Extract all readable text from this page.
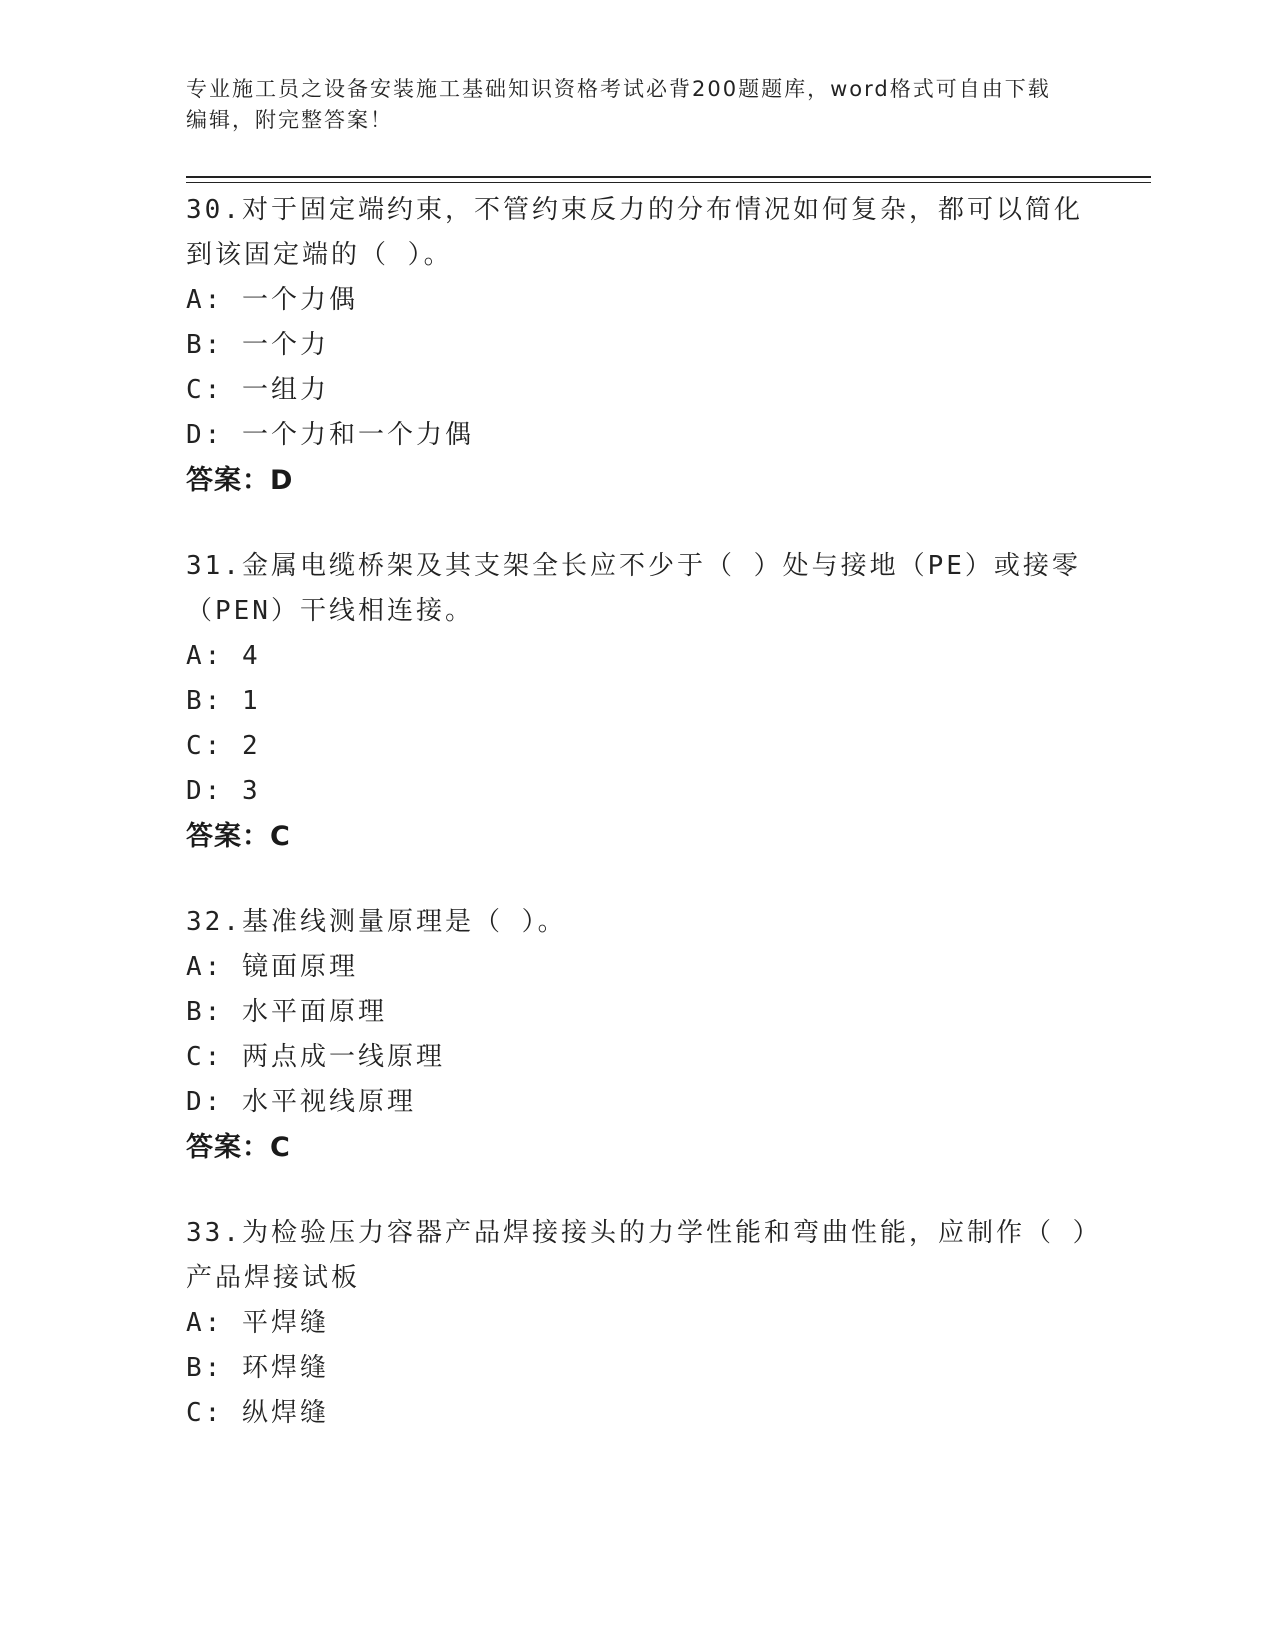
专业施工员之设备安装施工基础知识资格考试必背200题题库，word格式可自由下载编辑，附完整答案！
30.对于固定端约束，不管约束反力的分布情况如何复杂，都可以简化到该固定端的（ ）。
A: 一个力偶
B: 一个力
C: 一组力
D: 一个力和一个力偶
答案：D
31.金属电缆桥架及其支架全长应不少于（ ）处与接地（PE）或接零（PEN）干线相连接。
A: 4
B: 1
C: 2
D: 3
答案：C
32.基准线测量原理是（ ）。
A: 镜面原理
B: 水平面原理
C: 两点成一线原理
D: 水平视线原理
答案：C
33.为检验压力容器产品焊接接头的力学性能和弯曲性能，应制作（ ）产品焊接试板
A: 平焊缝
B: 环焊缝
C: 纵焊缝
